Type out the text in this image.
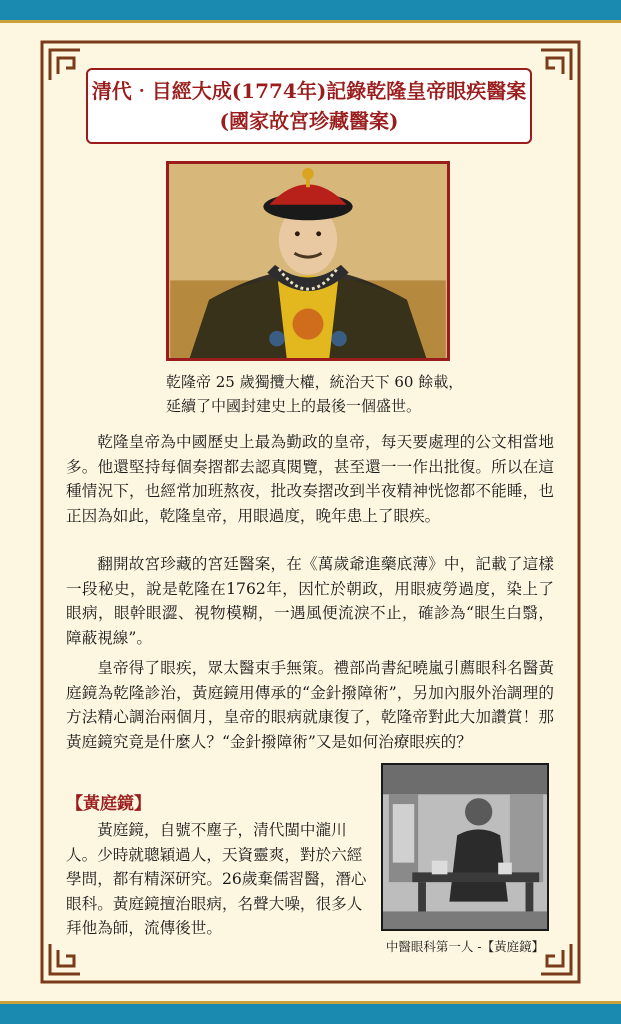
清代‧目經大成(1774年)記錄乾隆皇帝眼疾醫案
(國家故宮珍藏醫案)
乾隆帝 25 歲獨攬大權，統治天下 60 餘載，
延續了中國封建史上的最後一個盛世。

乾隆皇帝為中國歷史上最為勤政的皇帝，每天要處理的公文相當地多。他還堅持每個奏摺都去認真閱覽，甚至還一一作出批復。所以在這種情況下，也經常加班熬夜，批改奏摺改到半夜精神恍惚都不能睡，也正因為如此，乾隆皇帝，用眼過度，晚年患上了眼疾。

翻開故宮珍藏的宮廷醫案，在《萬歲爺進藥底薄》中，記載了這樣一段秘史，說是乾隆在1762年，因忙於朝政，用眼疲勞過度，染上了眼病，眼幹眼澀、視物模糊，一遇風便流淚不止，確診為“眼生白翳，障蔽視線”。

皇帝得了眼疾，眾太醫束手無策。禮部尚書紀曉嵐引薦眼科名醫黃庭鏡為乾隆診治，黃庭鏡用傳承的“金針撥障術”，另加內服外治調理的方法精心調治兩個月，皇帝的眼病就康復了，乾隆帝對此大加讚賞！那黃庭鏡究竟是什麼人？“金針撥障術”又是如何治療眼疾的？

【黃庭鏡】

黃庭鏡，自號不塵子，清代閩中瀧川人。少時就聰穎過人，天資靈爽，對於六經學問，都有精深研究。26歲棄儒習醫，潛心眼科。黃庭鏡擅治眼病，名聲大噪，很多人拜他為師，流傳後世。

中醫眼科第一人 -【黃庭鏡】
